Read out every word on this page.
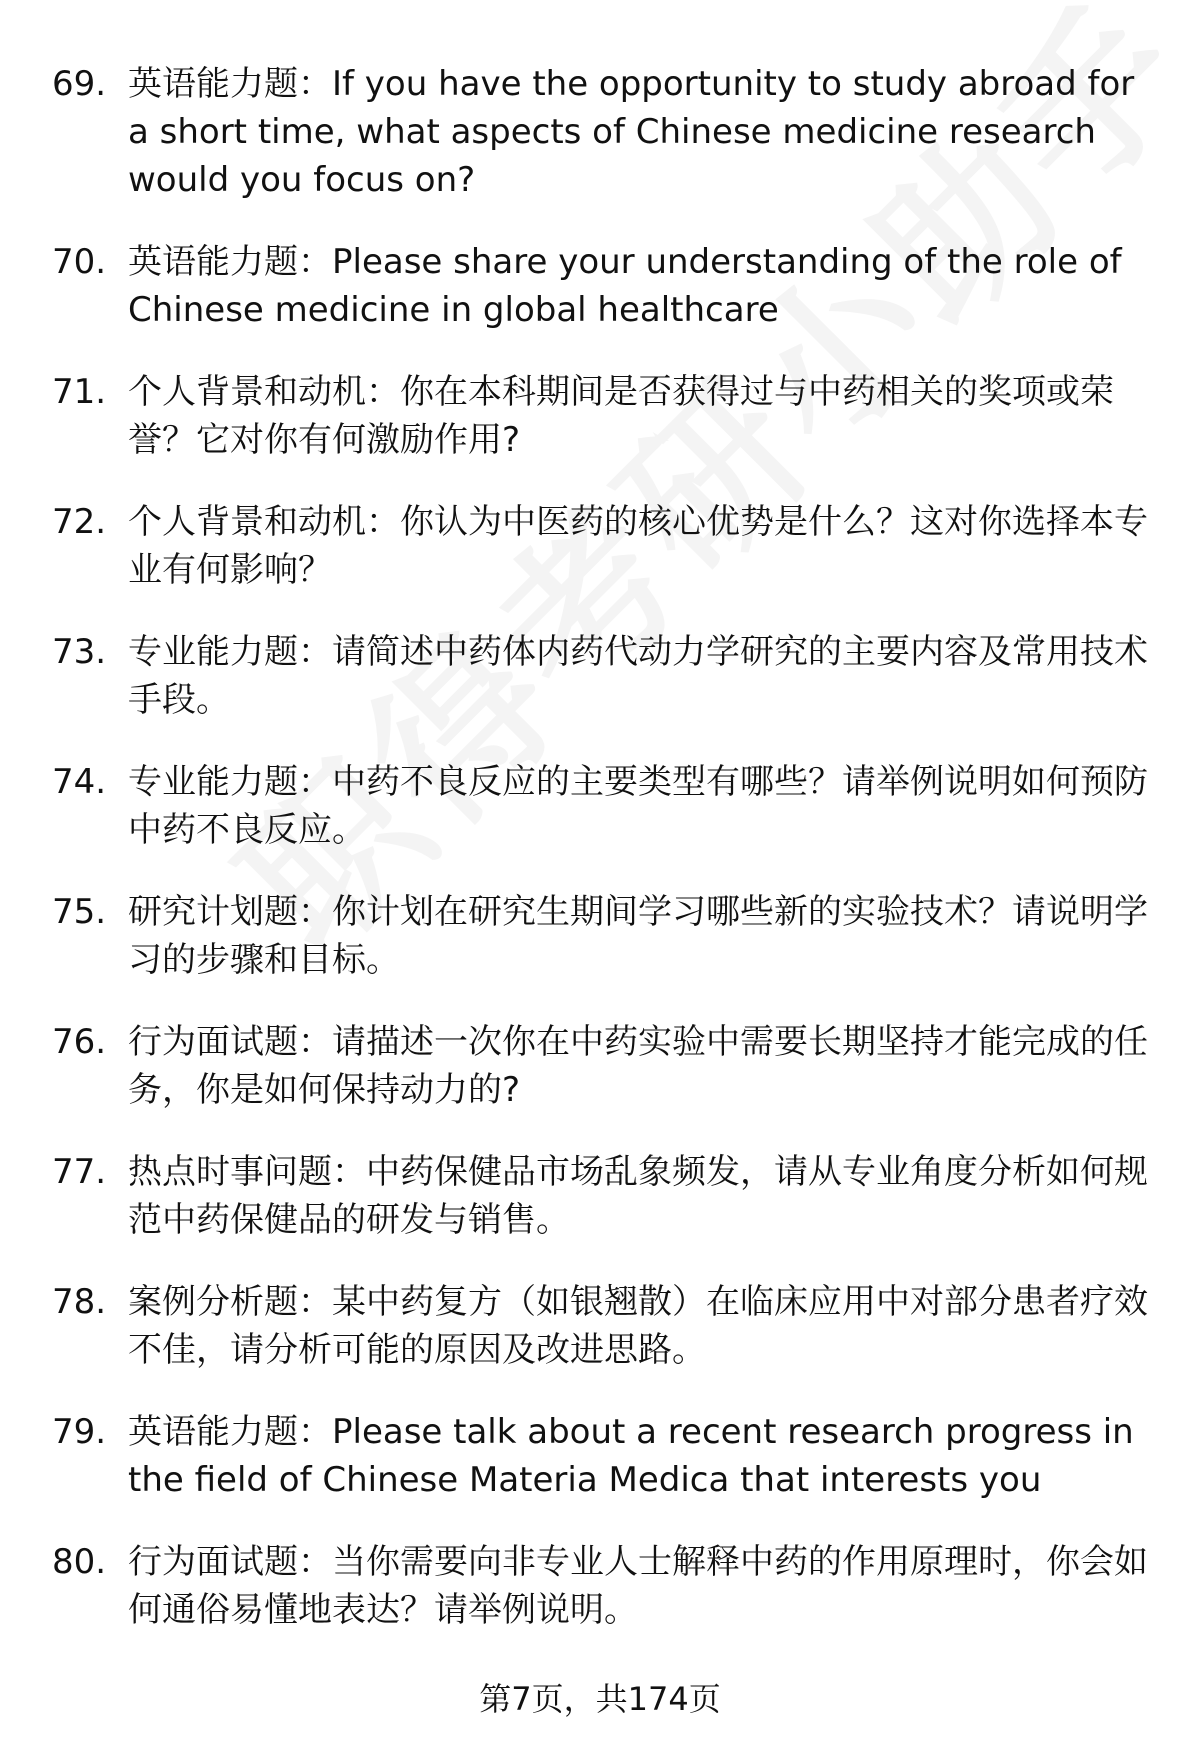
69. 英语能力题：If you have the opportunity to study abroad for a short time, what aspects of Chinese medicine research would you focus on?
70. 英语能力题：Please share your understanding of the role of Chinese medicine in global healthcare
71. 个人背景和动机：你在本科期间是否获得过与中药相关的奖项或荣誉？它对你有何激励作用?
72. 个人背景和动机：你认为中医药的核心优势是什么？这对你选择本专业有何影响？
73. 专业能力题：请简述中药体内药代动力学研究的主要内容及常用技术手段。
74. 专业能力题：中药不良反应的主要类型有哪些？请举例说明如何预防中药不良反应。
75. 研究计划题：你计划在研究生期间学习哪些新的实验技术？请说明学习的步骤和目标。
76. 行为面试题：请描述一次你在中药实验中需要长期坚持才能完成的任务，你是如何保持动力的?
77. 热点时事问题：中药保健品市场乱象频发，请从专业角度分析如何规范中药保健品的研发与销售。
78. 案例分析题：某中药复方（如银翘散）在临床应用中对部分患者疗效不佳，请分析可能的原因及改进思路。
79. 英语能力题：Please talk about a recent research progress in the field of Chinese Materia Medica that interests you
80. 行为面试题：当你需要向非专业人士解释中药的作用原理时，你会如何通俗易懂地表达？请举例说明。
第7页，共174页
